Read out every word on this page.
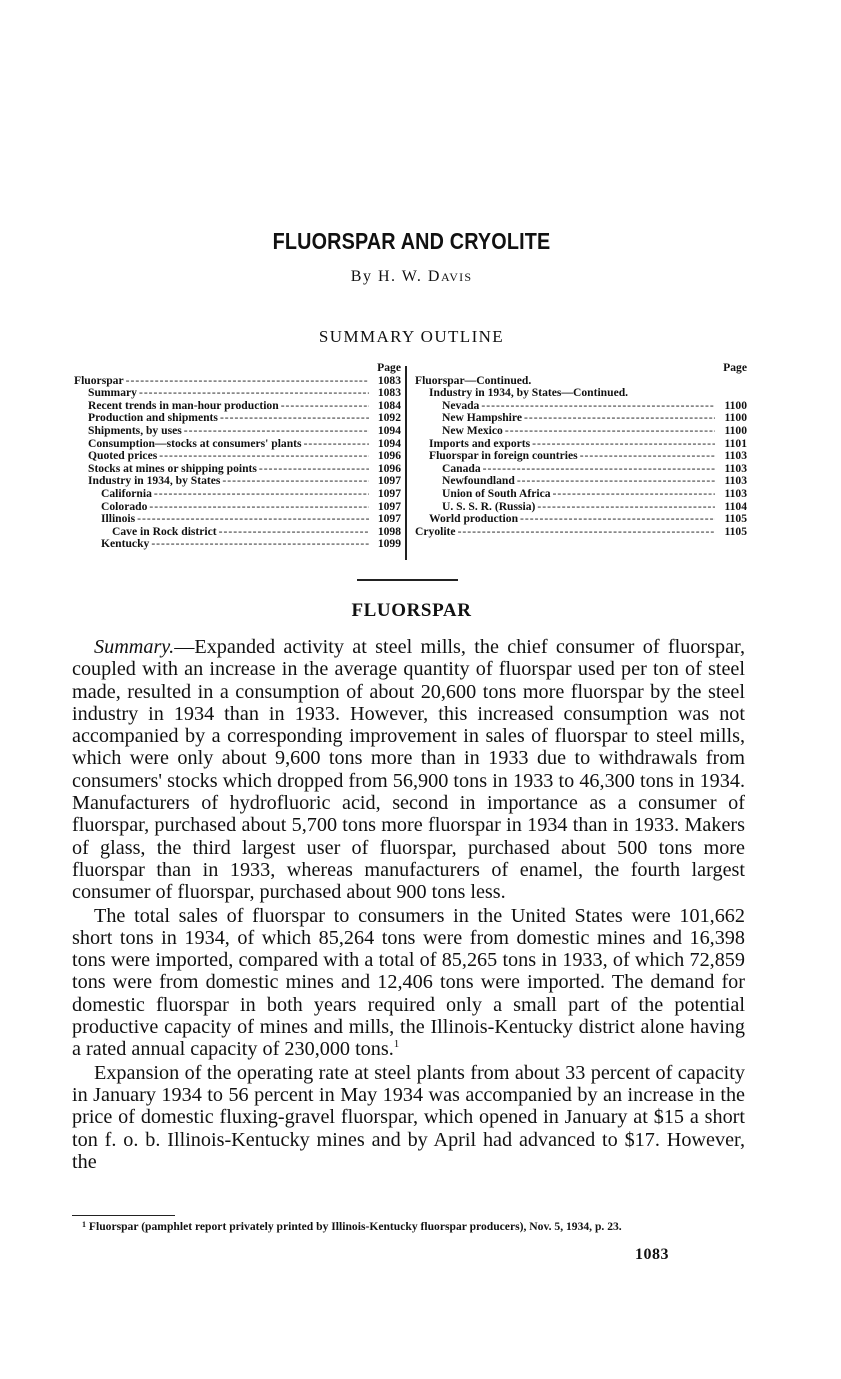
FLUORSPAR AND CRYOLITE
By H. W. DAVIS
SUMMARY OUTLINE
Page
Fluorspar -----	1083
Summary -----	1083
Recent trends in man-hour production -----	1084
Production and shipments -----	1092
Shipments, by uses -----	1094
Consumption—stocks at consumers' plants -----	1094
Quoted prices -----	1096
Stocks at mines or shipping points -----	1096
Industry in 1934, by States -----	1097
California -----	1097
Colorado -----	1097
Illinois -----	1097
Cave in Rock district -----	1098
Kentucky -----	1099
Page
Fluorspar—Continued.
Industry in 1934, by States—Continued.
Nevada -----	1100
New Hampshire -----	1100
New Mexico -----	1100
Imports and exports -----	1101
Fluorspar in foreign countries -----	1103
Canada -----	1103
Newfoundland -----	1103
Union of South Africa -----	1103
U. S. S. R. (Russia) -----	1104
World production -----	1105
Cryolite -----	1105
FLUORSPAR

Summary.—Expanded activity at steel mills, the chief consumer of fluorspar, coupled with an increase in the average quantity of fluorspar used per ton of steel made, resulted in a consumption of about 20,600 tons more fluorspar by the steel industry in 1934 than in 1933. However, this increased consumption was not accompanied by a corresponding improvement in sales of fluorspar to steel mills, which were only about 9,600 tons more than in 1933 due to withdrawals from consumers' stocks which dropped from 56,900 tons in 1933 to 46,300 tons in 1934. Manufacturers of hydrofluoric acid, second in importance as a consumer of fluorspar, purchased about 5,700 tons more fluorspar in 1934 than in 1933. Makers of glass, the third largest user of fluorspar, purchased about 500 tons more fluorspar than in 1933, whereas manufacturers of enamel, the fourth largest consumer of fluorspar, purchased about 900 tons less.

The total sales of fluorspar to consumers in the United States were 101,662 short tons in 1934, of which 85,264 tons were from domestic mines and 16,398 tons were imported, compared with a total of 85,265 tons in 1933, of which 72,859 tons were from domestic mines and 12,406 tons were imported. The demand for domestic fluorspar in both years required only a small part of the potential productive capacity of mines and mills, the Illinois-Kentucky district alone having a rated annual capacity of 230,000 tons.$^1$

Expansion of the operating rate at steel plants from about 33 percent of capacity in January 1934 to 56 percent in May 1934 was accompanied by an increase in the price of domestic fluxing-gravel fluorspar, which opened in January at $15 a short ton f. o. b. Illinois-Kentucky mines and by April had advanced to $17. However, the

$^1$ Fluorspar (pamphlet report privately printed by Illinois-Kentucky fluorspar producers), Nov. 5, 1934, p. 23.
1083
